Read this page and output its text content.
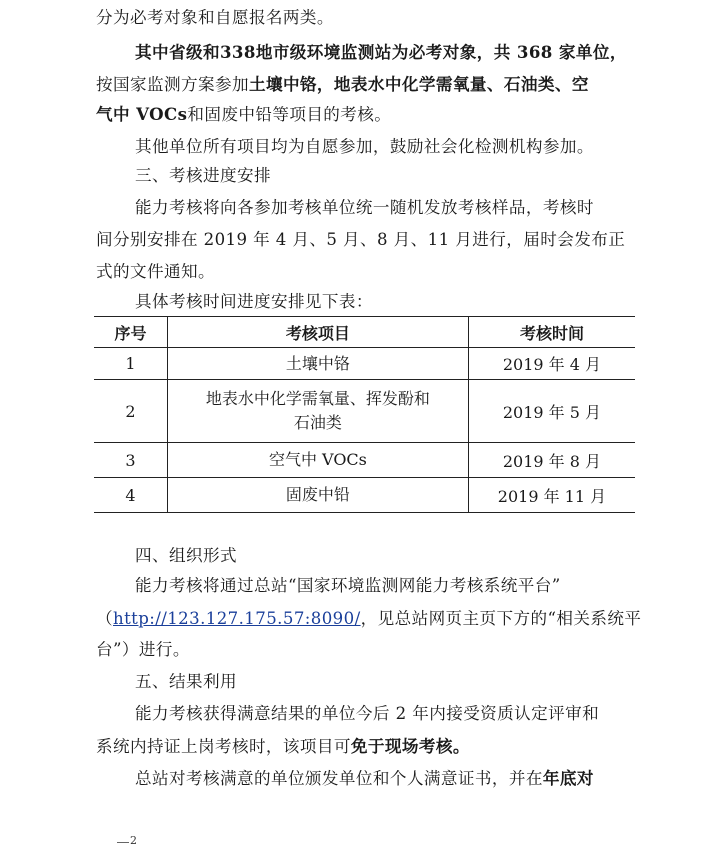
分为必考对象和自愿报名两类。
其中省级和338地市级环境监测站为必考对象，共 368 家单位，
按国家监测方案参加土壤中铬，地表水中化学需氧量、石油类、空
气中 VOCs和固废中铅等项目的考核。
其他单位所有项目均为自愿参加，鼓励社会化检测机构参加。
三、考核进度安排
能力考核将向各参加考核单位统一随机发放考核样品，考核时
间分别安排在 2019 年 4 月、5 月、8 月、11 月进行，届时会发布正
式的文件通知。
具体考核时间进度安排见下表：
序号	考核项目	考核时间
1	土壤中铬	2019 年 4 月
2	地表水中化学需氧量、挥发酚和石油类	2019 年 5 月
3	空气中 VOCs	2019 年 8 月
4	固废中铅	2019 年 11 月
四、组织形式
能力考核将通过总站“国家环境监测网能力考核系统平台”
（http://123.127.175.57:8090/，见总站网页主页下方的“相关系统平
台”）进行。
五、结果利用
能力考核获得满意结果的单位今后 2 年内接受资质认定评审和
系统内持证上岗考核时，该项目可免于现场考核。
总站对考核满意的单位颁发单位和个人满意证书，并在年底对
2
